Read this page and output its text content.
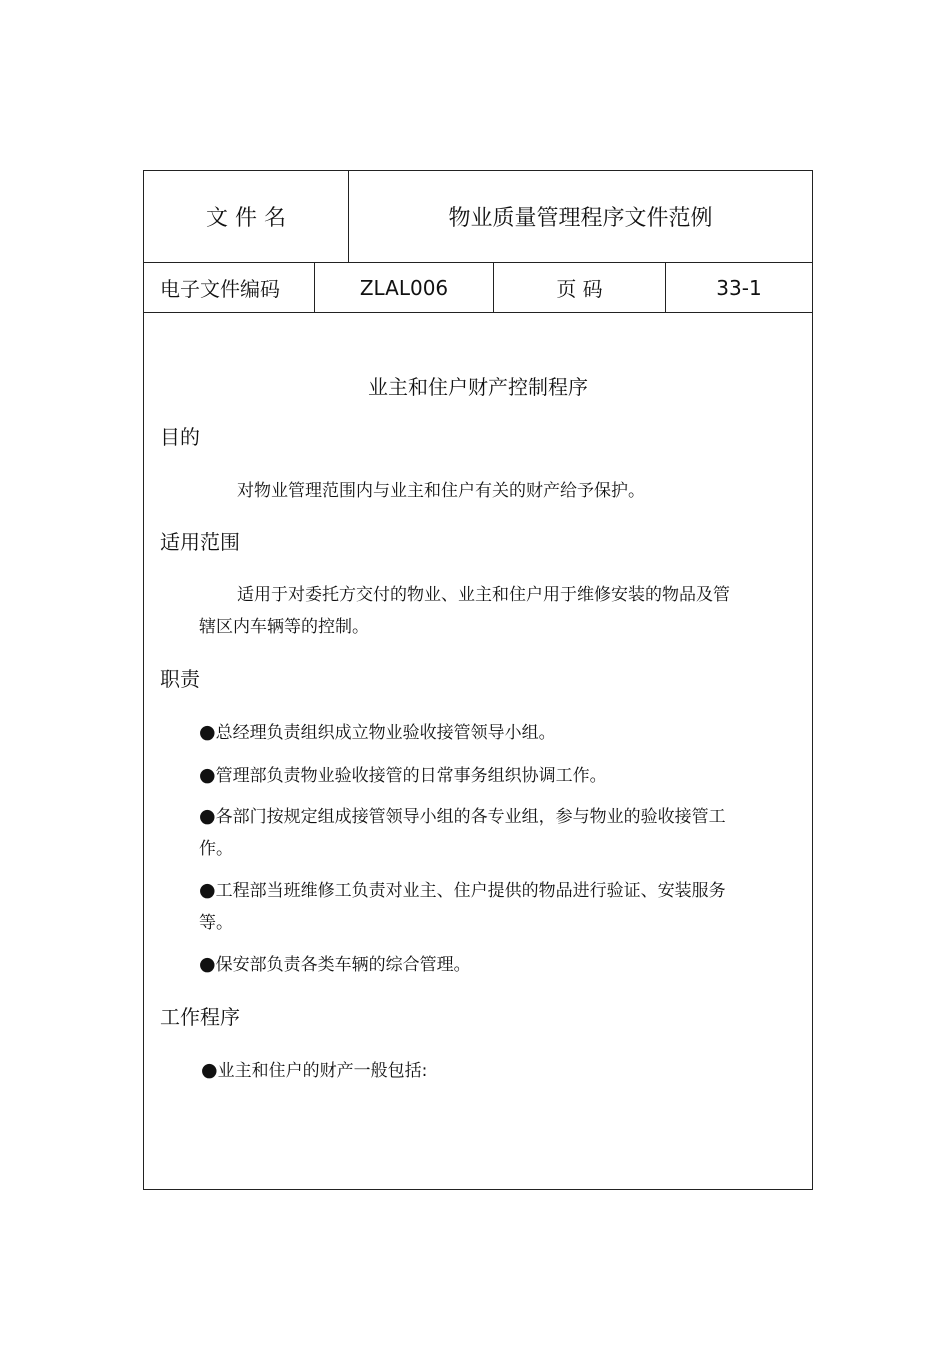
文 件 名	物业质量管理程序文件范例
电子文件编码	ZLAL006	页 码	33-1
业主和住户财产控制程序
目的
对物业管理范围内与业主和住户有关的财产给予保护。
适用范围
适用于对委托方交付的物业、业主和住户用于维修安装的物品及管
辖区内车辆等的控制。
职责
●总经理负责组织成立物业验收接管领导小组。
●管理部负责物业验收接管的日常事务组织协调工作。
●各部门按规定组成接管领导小组的各专业组，参与物业的验收接管工作。
●工程部当班维修工负责对业主、住户提供的物品进行验证、安装服务等。
●保安部负责各类车辆的综合管理。
工作程序
●业主和住户的财产一般包括:
